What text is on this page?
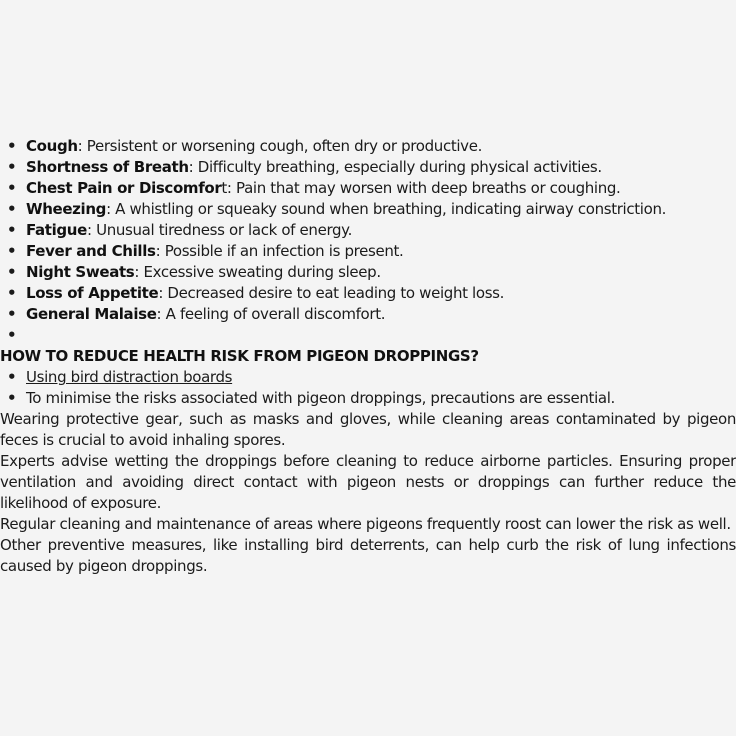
• Cough: Persistent or worsening cough, often dry or productive.
• Shortness of Breath: Difficulty breathing, especially during physical activities.
• Chest Pain or Discomfort: Pain that may worsen with deep breaths or coughing.
• Wheezing: A whistling or squeaky sound when breathing, indicating airway constriction.
• Fatigue: Unusual tiredness or lack of energy.
• Fever and Chills: Possible if an infection is present.
• Night Sweats: Excessive sweating during sleep.
• Loss of Appetite: Decreased desire to eat leading to weight loss.
• General Malaise: A feeling of overall discomfort.
•

HOW TO REDUCE HEALTH RISK FROM PIGEON DROPPINGS?
• Using bird distraction boards
• To minimise the risks associated with pigeon droppings, precautions are essential.

Wearing protective gear, such as masks and gloves, while cleaning areas contaminated by pigeon feces is crucial to avoid inhaling spores.

Experts advise wetting the droppings before cleaning to reduce airborne particles. Ensuring proper ventilation and avoiding direct contact with pigeon nests or droppings can further reduce the likelihood of exposure.

Regular cleaning and maintenance of areas where pigeons frequently roost can lower the risk as well.

Other preventive measures, like installing bird deterrents, can help curb the risk of lung infections caused by pigeon droppings.
